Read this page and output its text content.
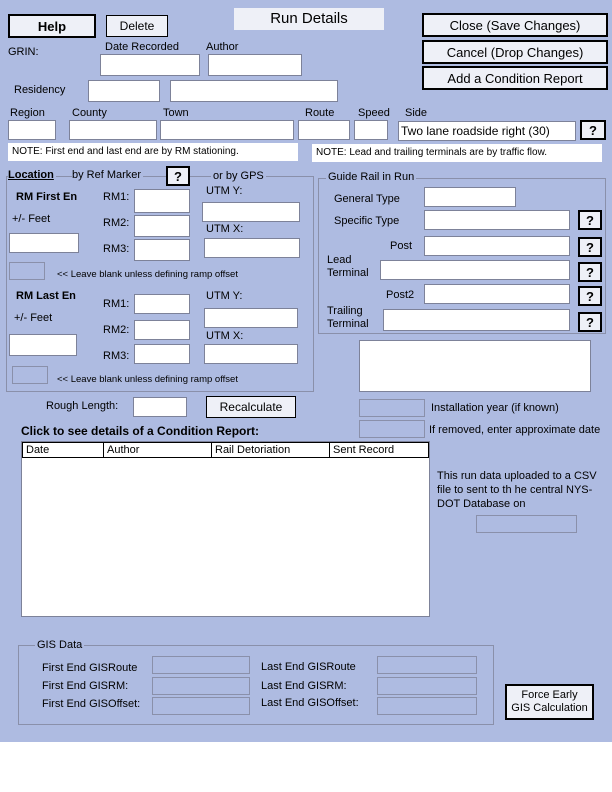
Help	Delete	Run Details	Close (Save Changes)
Cancel (Drop Changes)
Add a Condition Report
GRIN:	Date Recorded Author
Residency
Region County	Town	Route Speed Side
Two lane roadside right (30)	?
NOTE: First end and last end are by RM stationing.	NOTE: Lead and trailing terminals are by traffic flow.
Location by Ref Marker	?	or by GPS
RM First En
+/- Feet
<< Leave blank unless defining ramp offset
RM1:
RM2:
RM3:
UTM Y:
UTM X:
RM Last En
+/- Feet
<< Leave blank unless defining ramp offset
RM1:
RM2:
RM3:
UTM Y:
UTM X:
Guide Rail in Run
General Type
Specific Type	?
Post	?
Lead Terminal	?
Post2	?
Trailing Terminal	?
Rough Length:	Recalculate	Installation year (if known)
If removed, enter approximate date
Click to see details of a Condition Report:
Date	Author	Rail Detoriation	Sent Record
This run data uploaded to a CSV file to sent to th he central NYS-DOT Database on
GIS Data
First End GISRoute
First End GISRM:
First End GISOffset:
Last End GISRoute
Last End GISRM:
Last End GISOffset:
Force Early GIS Calculation
